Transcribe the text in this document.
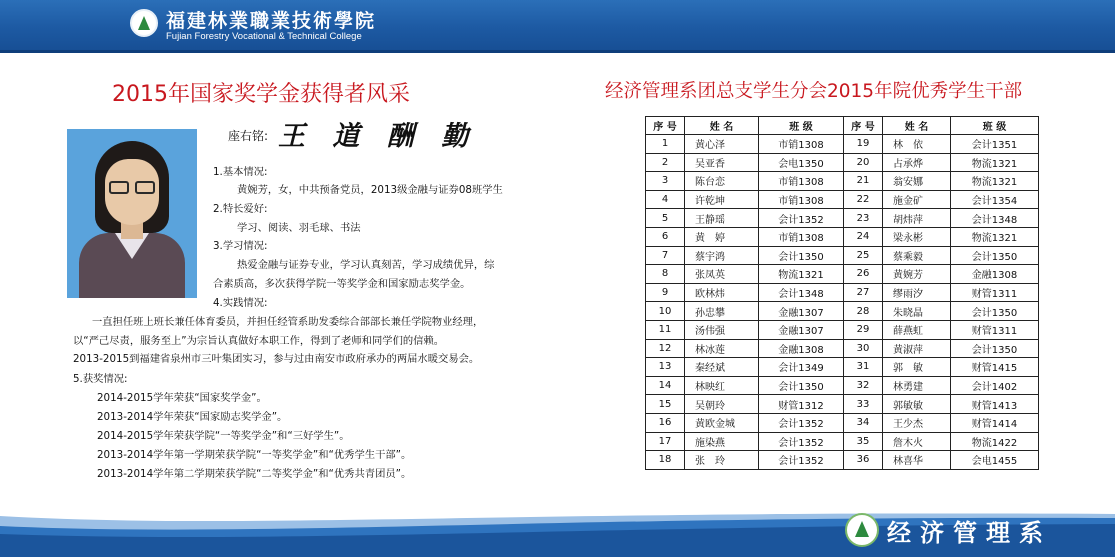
福建林業職業技術學院
Fujian Forestry Vocational & Technical College
2015年国家奖学金获得者风采
座右铭: 王 道 酬 勤
1.基本情况:
黄婉芳，女，中共预备党员，2013级金融与证券08班学生
2.特长爱好:
学习、阅读、羽毛球、书法
3.学习情况:
热爱金融与证券专业，学习认真刻苦，学习成绩优异，综
合素质高，多次获得学院一等奖学金和国家励志奖学金。
4.实践情况:
一直担任班上班长兼任体育委员，并担任经管系助发委综合部部长兼任学院物业经理，
以“严己尽责，服务至上”为宗旨认真做好本职工作，得到了老师和同学们的信赖。
2013-2015到福建省泉州市三叶集团实习，参与过由南安市政府承办的两届水暖交易会。
5.获奖情况:
2014-2015学年荣获“国家奖学金”。
2013-2014学年荣获“国家励志奖学金”。
2014-2015学年荣获学院“一等奖学金”和“三好学生”。
2013-2014学年第一学期荣获学院“一等奖学金”和“优秀学生干部”。
2013-2014学年第二学期荣获学院“二等奖学金”和“优秀共青团员”。
经济管理系团总支学生分会2015年院优秀学生干部
序 号	姓 名	班 级	序 号	姓 名	班 级
1	黄心泽	市销1308	19	林　依	会计1351
2	吴亚香	会电1350	20	占承烨	物流1321
3	陈台恋	市销1308	21	翁安娜	物流1321
4	许乾坤	市销1308	22	施金矿	会计1354
5	王静瑶	会计1352	23	胡炜萍	会计1348
6	黄　婷	市销1308	24	梁永彬	物流1321
7	蔡宇鸿	会计1350	25	蔡乘毅	会计1350
8	张凤英	物流1321	26	黄婉芳	金融1308
9	欧林炜	会计1348	27	缪雨汐	财管1311
10	孙忠攀	金融1307	28	朱晓晶	会计1350
11	汤伟强	金融1307	29	薛燕虹	财管1311
12	林冰莲	金融1308	30	黄淑萍	会计1350
13	秦经斌	会计1349	31	郭　敏	财管1415
14	林映红	会计1350	32	林勇建	会计1402
15	吴朝玲	财管1312	33	郭敏敏	财管1413
16	黄欧金城	会计1352	34	王少杰	财管1414
17	施染燕	会计1352	35	詹木火	物流1422
18	张　玲	会计1352	36	林喜华	会电1455
经济管理系
